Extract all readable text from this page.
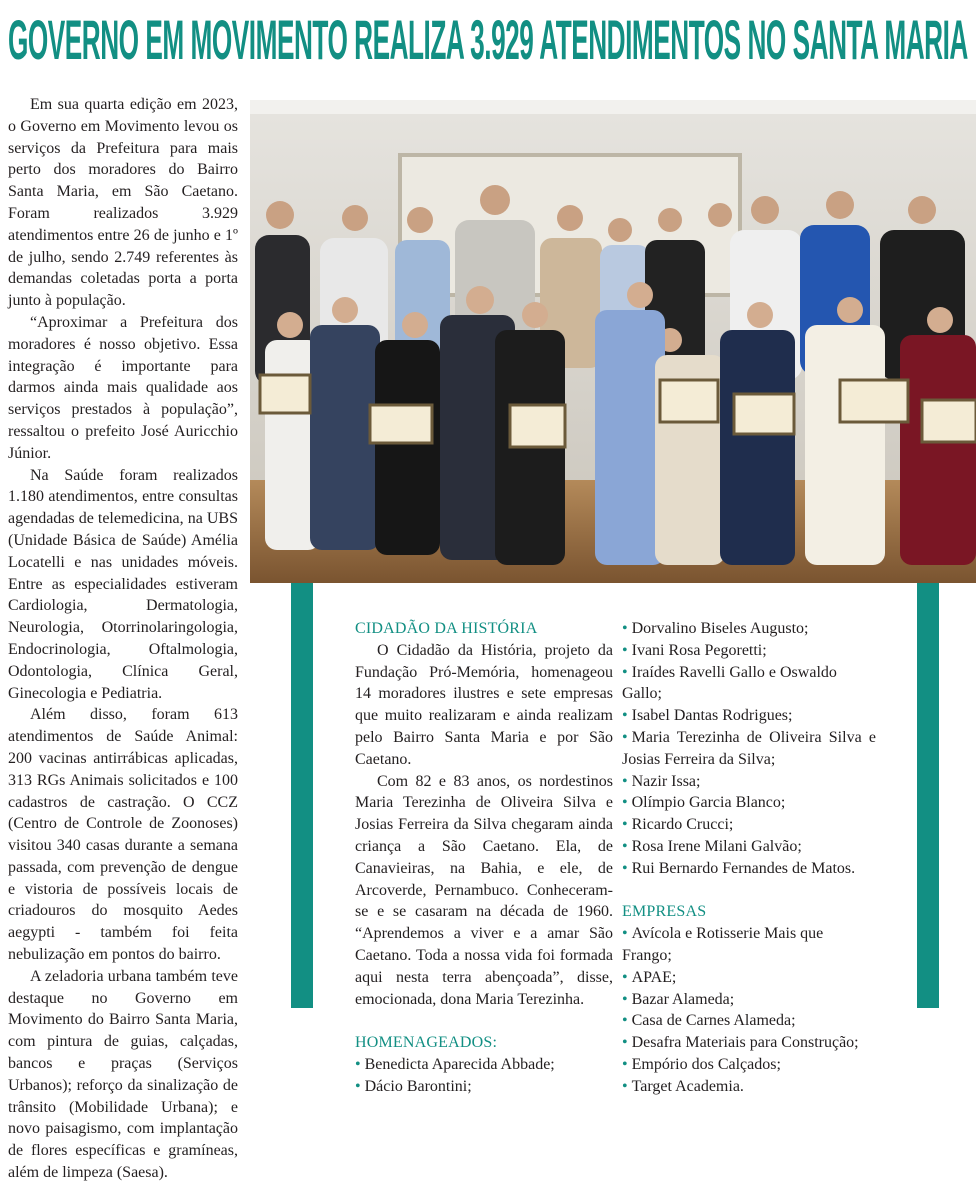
GOVERNO EM MOVIMENTO REALIZA 3.929 ATENDIMENTOS NO SANTA MARIA

Em sua quarta edição em 2023, o Governo em Movimento levou os serviços da Prefeitura para mais perto dos moradores do Bairro Santa Maria, em São Caetano. Foram realizados 3.929 atendimentos entre 26 de junho e 1º de julho, sendo 2.749 referentes às demandas coletadas porta a porta junto à população.

“Aproximar a Prefeitura dos moradores é nosso objetivo. Essa integração é importante para darmos ainda mais qualidade aos serviços prestados à população”, ressaltou o prefeito José Auricchio Júnior.

Na Saúde foram realizados 1.180 atendimentos, entre consultas agendadas de telemedicina, na UBS (Unidade Básica de Saúde) Amélia Locatelli e nas unidades móveis. Entre as especialidades estiveram Cardiologia, Dermatologia, Neurologia, Otorrinolaringologia, Endocrinologia, Oftalmologia, Odontologia, Clínica Geral, Ginecologia e Pediatria.

Além disso, foram 613 atendimentos de Saúde Animal: 200 vacinas antirrábicas aplicadas, 313 RGs Animais solicitados e 100 cadastros de castração. O CCZ (Centro de Controle de Zoonoses) visitou 340 casas durante a semana passada, com prevenção de dengue e vistoria de possíveis locais de criadouros do mosquito Aedes aegypti - também foi feita nebulização em pontos do bairro.

A zeladoria urbana também teve destaque no Governo em Movimento do Bairro Santa Maria, com pintura de guias, calçadas, bancos e praças (Serviços Urbanos); reforço da sinalização de trânsito (Mobilidade Urbana); e novo paisagismo, com implantação de flores específicas e gramíneas, além de limpeza (Saesa).

CIDADÃO DA HISTÓRIA

O Cidadão da História, projeto da Fundação Pró-Memória, homenageou 14 moradores ilustres e sete empresas que muito realizaram e ainda realizam pelo Bairro Santa Maria e por São Caetano.

Com 82 e 83 anos, os nordestinos Maria Terezinha de Oliveira Silva e Josias Ferreira da Silva chegaram ainda criança a São Caetano. Ela, de Canavieiras, na Bahia, e ele, de Arcoverde, Pernambuco. Conheceram-se e se casaram na década de 1960. “Aprendemos a viver e a amar São Caetano. Toda a nossa vida foi formada aqui nesta terra abençoada”, disse, emocionada, dona Maria Terezinha.

HOMENAGEADOS:
• Benedicta Aparecida Abbade;
• Dácio Barontini;
• Dorvalino Biseles Augusto;
• Ivani Rosa Pegoretti;
• Iraídes Ravelli Gallo e Oswaldo Gallo;
• Isabel Dantas Rodrigues;
• Maria Terezinha de Oliveira Silva e Josias Ferreira da Silva;
• Nazir Issa;
• Olímpio Garcia Blanco;
• Ricardo Crucci;
• Rosa Irene Milani Galvão;
• Rui Bernardo Fernandes de Matos.
EMPRESAS
• Avícola e Rotisserie Mais que Frango;
• APAE;
• Bazar Alameda;
• Casa de Carnes Alameda;
• Desafra Materiais para Construção;
• Empório dos Calçados;
• Target Academia.
